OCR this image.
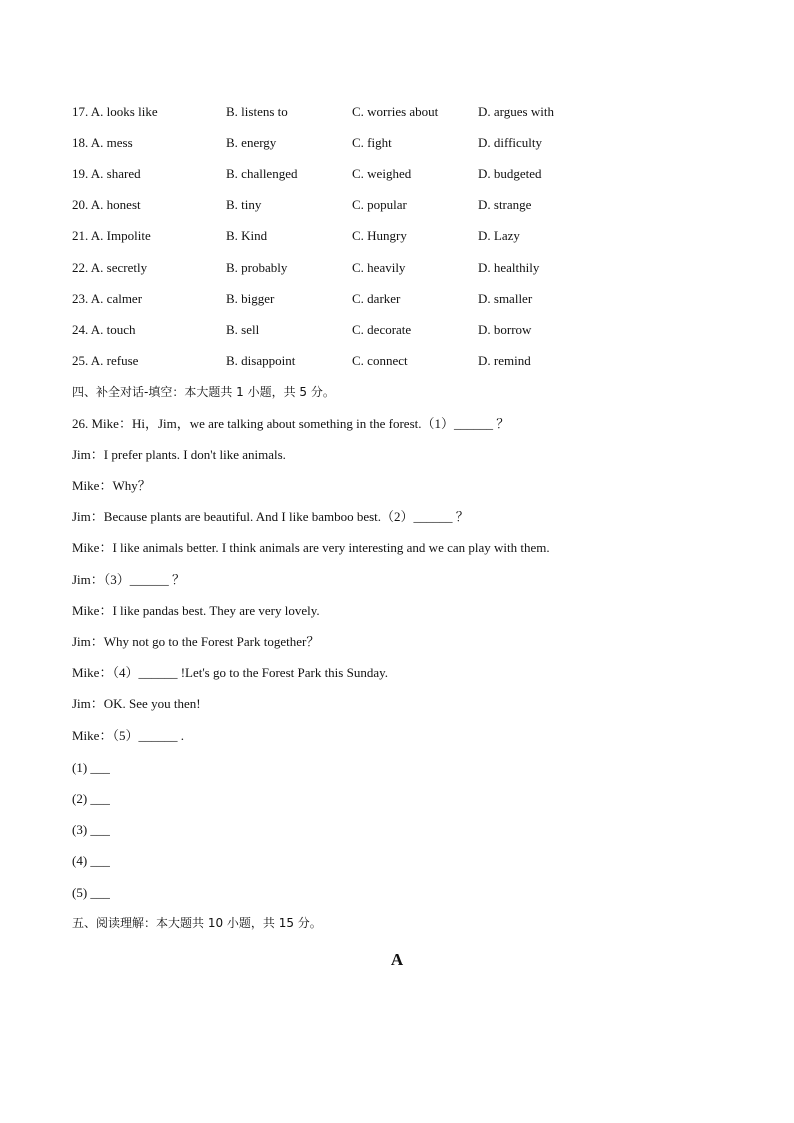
17. A. looks like	B. listens to	C. worries about	D. argues with
18. A. mess	B. energy	C. fight	D. difficulty
19. A. shared	B. challenged	C. weighed	D. budgeted
20. A. honest	B. tiny	C. popular	D. strange
21. A. Impolite	B. Kind	C. Hungry	D. Lazy
22. A. secretly	B. probably	C. heavily	D. healthily
23. A. calmer	B. bigger	C. darker	D. smaller
24. A. touch	B. sell	C. decorate	D. borrow
25. A. refuse	B. disappoint	C. connect	D. remind
四、补全对话-填空：本大题共 1 小题，共 5 分。
26. Mike：Hi，Jim，we are talking about something in the forest.（1）______ ？
Jim：I prefer plants. I don't like animals.
Mike：Why？
Jim：Because plants are beautiful. And I like bamboo best.（2）______ ？
Mike：I like animals better. I think animals are very interesting and we can play with them.
Jim：（3）______ ？
Mike：I like pandas best. They are very lovely.
Jim：Why not go to the Forest Park together？
Mike：（4）______ !Let's go to the Forest Park this Sunday.
Jim：OK. See you then!
Mike：（5）______ .
(1) ___
(2) ___
(3) ___
(4) ___
(5) ___
五、阅读理解：本大题共 10 小题，共 15 分。
A
